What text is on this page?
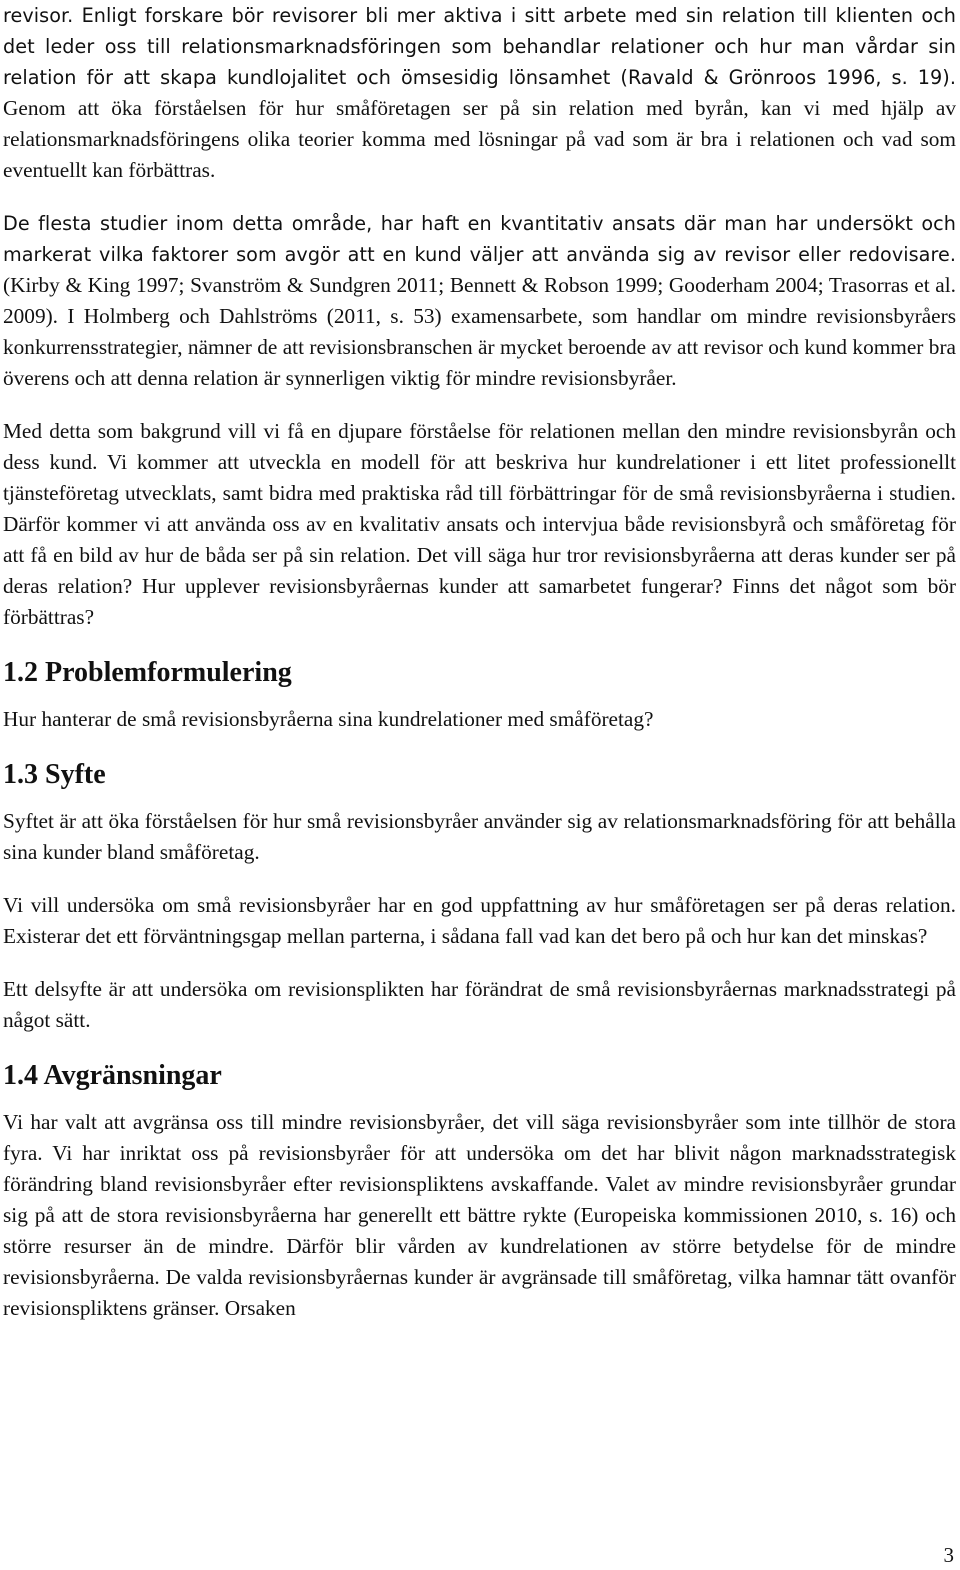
revisor. Enligt forskare bör revisorer bli mer aktiva i sitt arbete med sin relation till klienten och det leder oss till relationsmarknadsföringen som behandlar relationer och hur man vårdar sin relation för att skapa kundlojalitet och ömsesidig lönsamhet (Ravald & Grönroos 1996, s. 19). Genom att öka förståelsen för hur småföretagen ser på sin relation med byrån, kan vi med hjälp av relationsmarknadsföringens olika teorier komma med lösningar på vad som är bra i relationen och vad som eventuellt kan förbättras.

De flesta studier inom detta område, har haft en kvantitativ ansats där man har undersökt och markerat vilka faktorer som avgör att en kund väljer att använda sig av revisor eller redovisare. (Kirby & King 1997; Svanström & Sundgren 2011; Bennett & Robson 1999; Gooderham 2004; Trasorras et al. 2009). I Holmberg och Dahlströms (2011, s. 53) examensarbete, som handlar om mindre revisionsbyråers konkurrensstrategier, nämner de att revisionsbranschen är mycket beroende av att revisor och kund kommer bra överens och att denna relation är synnerligen viktig för mindre revisionsbyråer.

Med detta som bakgrund vill vi få en djupare förståelse för relationen mellan den mindre revisionsbyrån och dess kund. Vi kommer att utveckla en modell för att beskriva hur kundrelationer i ett litet professionellt tjänsteföretag utvecklats, samt bidra med praktiska råd till förbättringar för de små revisionsbyråerna i studien. Därför kommer vi att använda oss av en kvalitativ ansats och intervjua både revisionsbyrå och småföretag för att få en bild av hur de båda ser på sin relation. Det vill säga hur tror revisionsbyråerna att deras kunder ser på deras relation? Hur upplever revisionsbyråernas kunder att samarbetet fungerar? Finns det något som bör förbättras?

1.2 Problemformulering

Hur hanterar de små revisionsbyråerna sina kundrelationer med småföretag?

1.3 Syfte

Syftet är att öka förståelsen för hur små revisionsbyråer använder sig av relationsmarknadsföring för att behålla sina kunder bland småföretag.

Vi vill undersöka om små revisionsbyråer har en god uppfattning av hur småföretagen ser på deras relation. Existerar det ett förväntningsgap mellan parterna, i sådana fall vad kan det bero på och hur kan det minskas?

Ett delsyfte är att undersöka om revisionsplikten har förändrat de små revisionsbyråernas marknadsstrategi på något sätt.

1.4 Avgränsningar

Vi har valt att avgränsa oss till mindre revisionsbyråer, det vill säga revisionsbyråer som inte tillhör de stora fyra. Vi har inriktat oss på revisionsbyråer för att undersöka om det har blivit någon marknadsstrategisk förändring bland revisionsbyråer efter revisionspliktens avskaffande. Valet av mindre revisionsbyråer grundar sig på att de stora revisionsbyråerna har generellt ett bättre rykte (Europeiska kommissionen 2010, s. 16) och större resurser än de mindre. Därför blir vården av kundrelationen av större betydelse för de mindre revisionsbyråerna. De valda revisionsbyråernas kunder är avgränsade till småföretag, vilka hamnar tätt ovanför revisionspliktens gränser. Orsaken

3
